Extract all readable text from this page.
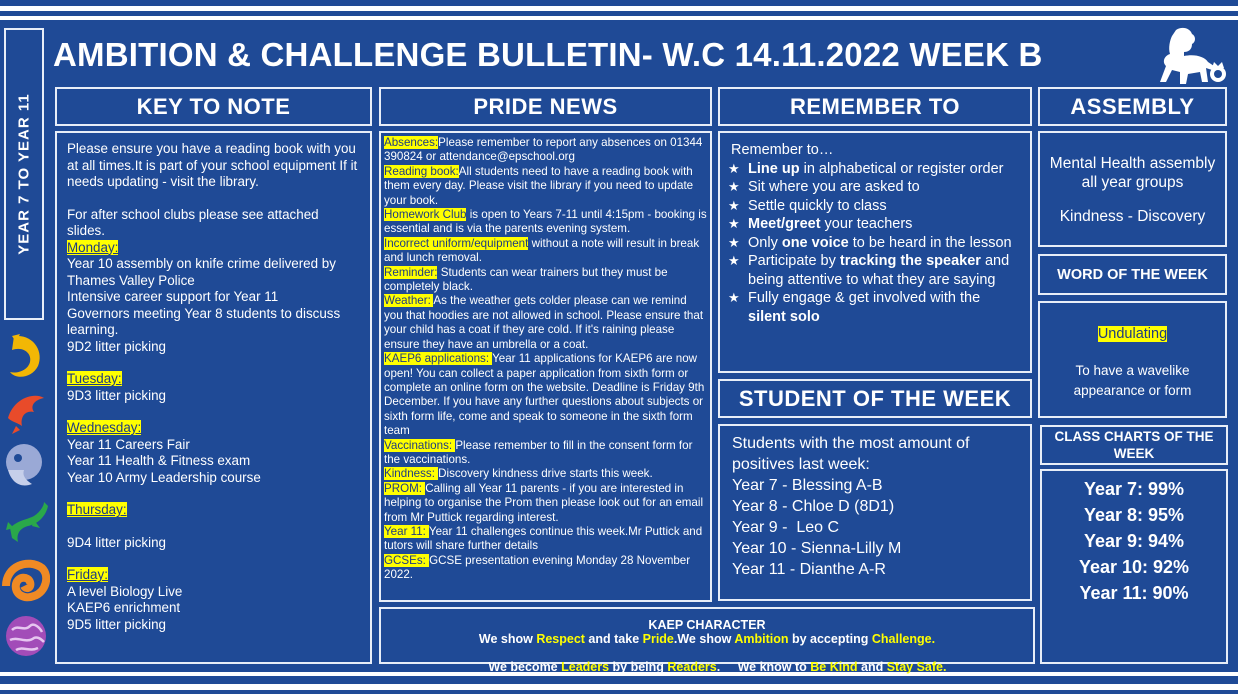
YEAR 7 TO YEAR 11
AMBITION & CHALLENGE BULLETIN- W.C 14.11.2022 WEEK B
KEY TO NOTE

Please ensure you have a reading book with you at all times.It is part of your school equipment If it needs updating - visit the library.

For after school clubs please see attached slides.

Monday:
Year 10 assembly on knife crime delivered by Thames Valley Police
Intensive career support for Year 11
Governors meeting Year 8 students to discuss learning.
9D2 litter picking
Tuesday:
9D3 litter picking
Wednesday:
Year 11 Careers Fair
Year 11 Health & Fitness exam
Year 10 Army Leadership course
Thursday:
9D4 litter picking
Friday:
A level Biology Live
KAEP6 enrichment
9D5 litter picking
PRIDE NEWS
Absences:Please remember to report any absences on 01344 390824 or attendance@epschool.org
Reading book:All students need to have a reading book with them every day. Please visit the library if you need to update your book.
Homework Club is open to Years 7-11 until 4:15pm - booking is essential and is via the parents evening system.
Incorrect uniform/equipment without a note will result in break and lunch removal.
Reminder: Students can wear trainers but they must be completely black.
Weather: As the weather gets colder please can we remind you that hoodies are not allowed in school. Please ensure that your child has a coat if they are cold. If it's raining please ensure they have an umbrella or a coat.
KAEP6 applications: Year 11 applications for KAEP6 are now open! You can collect a paper application from sixth form or complete an online form on the website. Deadline is Friday 9th December. If you have any further questions about subjects or sixth form life, come and speak to someone in the sixth form team
Vaccinations: Please remember to fill in the consent form for the vaccinations.
Kindness: Discovery kindness drive starts this week.
PROM: Calling all Year 11 parents - if you are interested in helping to organise the Prom then please look out for an email from Mr Puttick regarding interest.
Year 11: Year 11 challenges continue this week.Mr Puttick and tutors will share further details
GCSEs: GCSE presentation evening Monday 28 November 2022.
KAEP CHARACTER
We show Respect and take Pride.We show Ambition by accepting Challenge.

We become Leaders by being Readers.     We know to Be Kind and Stay Safe.

REMEMBER TO
Remember to…
★ Line up in alphabetical or register order
★ Sit where you are asked to
★ Settle quickly to class
★ Meet/greet your teachers
★ Only one voice to be heard in the lesson
★ Participate by tracking the speaker and being attentive to what they are saying
★ Fully engage & get involved with the silent solo
STUDENT OF THE WEEK
Students with the most amount of positives last week:
Year 7 - Blessing A-B
Year 8 - Chloe D (8D1)
Year 9 -  Leo C
Year 10 - Sienna-Lilly M
Year 11 - Dianthe A-R
ASSEMBLY
Mental Health assembly all year groups
Kindness - Discovery
WORD OF THE WEEK
Undulating
To have a wavelike appearance or form
CLASS CHARTS OF THE WEEK
Year 7: 99%
Year 8: 95%
Year 9: 94%
Year 10: 92%
Year 11: 90%
